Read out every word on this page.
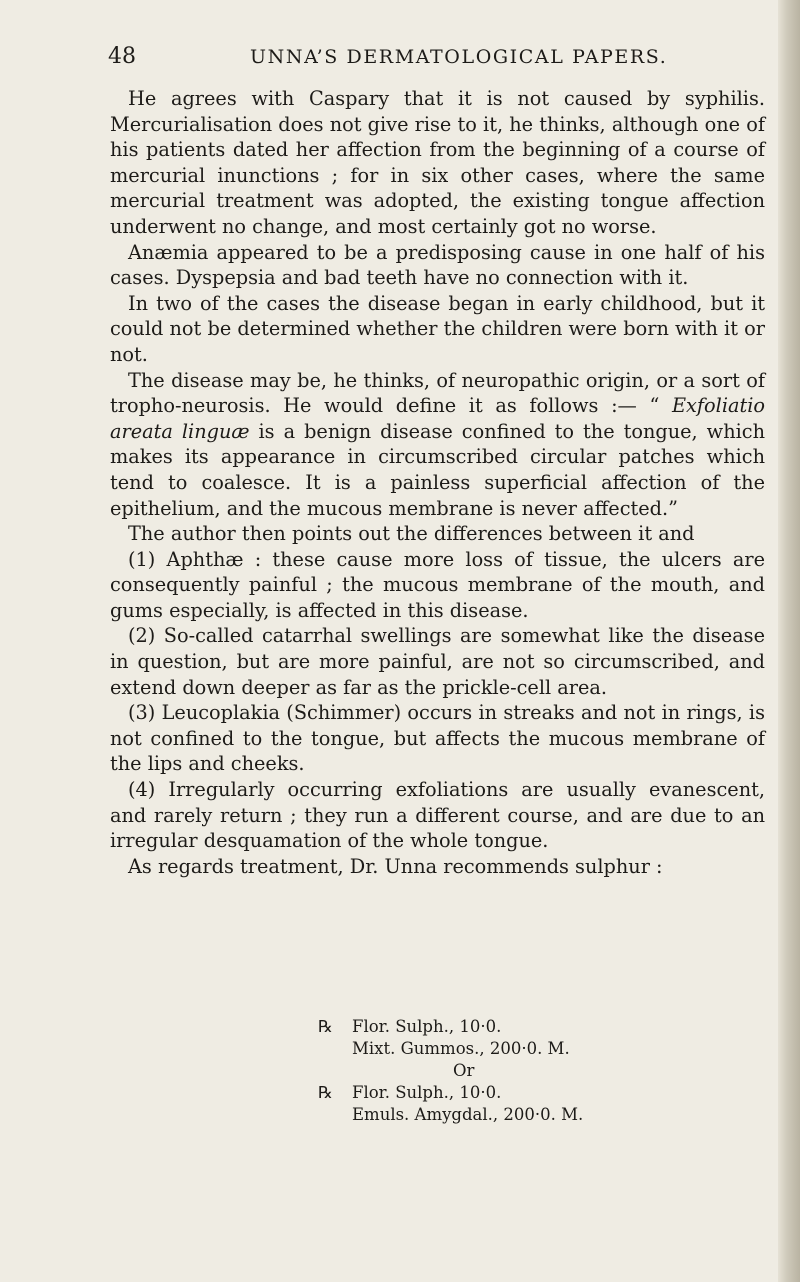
48	UNNA’S DERMATOLOGICAL PAPERS.

He agrees with Caspary that it is not caused by syphilis. Mercurialisation does not give rise to it, he thinks, although one of his patients dated her affection from the beginning of a course of mercurial inunctions ; for in six other cases, where the same mercurial treatment was adopted, the existing tongue affection underwent no change, and most certainly got no worse.

Anæmia appeared to be a predisposing cause in one half of his cases. Dyspepsia and bad teeth have no connection with it.

In two of the cases the disease began in early childhood, but it could not be determined whether the children were born with it or not.

The disease may be, he thinks, of neuropathic origin, or a sort of tropho-neurosis. He would define it as follows :— “ Exfoliatio areata linguæ is a benign disease confined to the tongue, which makes its appearance in circumscribed circular patches which tend to coalesce. It is a painless superficial affection of the epithelium, and the mucous membrane is never affected.”

The author then points out the differences between it and

(1) Aphthæ : these cause more loss of tissue, the ulcers are consequently painful ; the mucous membrane of the mouth, and gums especially, is affected in this disease.

(2) So-called catarrhal swellings are somewhat like the disease in question, but are more painful, are not so circumscribed, and extend down deeper as far as the prickle-cell area.

(3) Leucoplakia (Schimmer) occurs in streaks and not in rings, is not confined to the tongue, but affects the mucous membrane of the lips and cheeks.

(4) Irregularly occurring exfoliations are usually evanescent, and rarely return ; they run a different course, and are due to an irregular desquamation of the whole tongue.

As regards treatment, Dr. Unna recommends sulphur :

℞ Flor. Sulph., 10·0.
Mixt. Gummos., 200·0. M.
Or
℞ Flor. Sulph., 10·0.
Emuls. Amygdal., 200·0. M.
